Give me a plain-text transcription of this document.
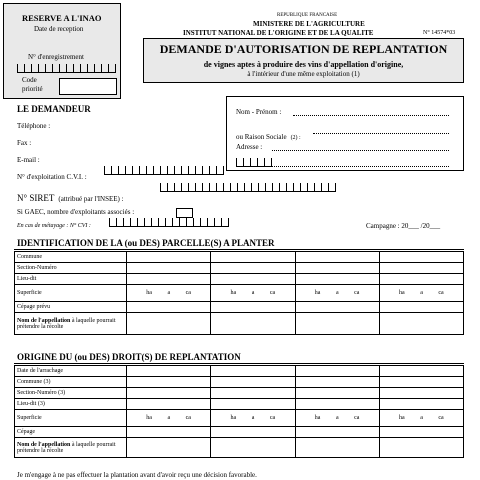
RESERVE A L'INAO
Date de reception
N° d'enregistrement
Code priorité
REPUBLIQUE FRANCAISE
MINISTERE DE L'AGRICULTURE
INSTITUT NATIONAL DE L'ORIGINE ET DE LA QUALITE	N° 14574*03
DEMANDE D'AUTORISATION DE REPLANTATION
de vignes aptes à produire des vins d'appellation d'origine,
à l'intérieur d'une même exploitation (1)
LE DEMANDEUR
Téléphone :
Fax :
E-mail :
N° d'exploitation C.V.I. :
N° SIRET (attribué par l'INSEE) :
Si GAEC, nombre d'exploitants associés :
En cas de métayage : N° CVI :
Nom - Prénom :
ou Raison Sociale (2) :
Adresse :
Campagne : 20___ /20___
IDENTIFICATION DE LA (ou DES) PARCELLE(S) A PLANTER
Commune				
Section-Numéro				
Lieu-dit				
Superficie	ha a ca	ha a ca	ha a ca	ha a ca
Cépage prévu				
Nom de l'appellation à laquelle pourrait prétendre la récolte				
ORIGINE DU (ou DES) DROIT(S) DE REPLANTATION
Date de l'arrachage				
Commune (3)				
Section-Numéro (3)				
Lieu-dit (3)				
Superficie	ha a ca	ha a ca	ha a ca	ha a ca
Cépage				
Nom de l'appellation à laquelle pourrait prétendre la récolte				
Je m'engage à ne pas effectuer la plantation avant d'avoir reçu une décision favorable.
